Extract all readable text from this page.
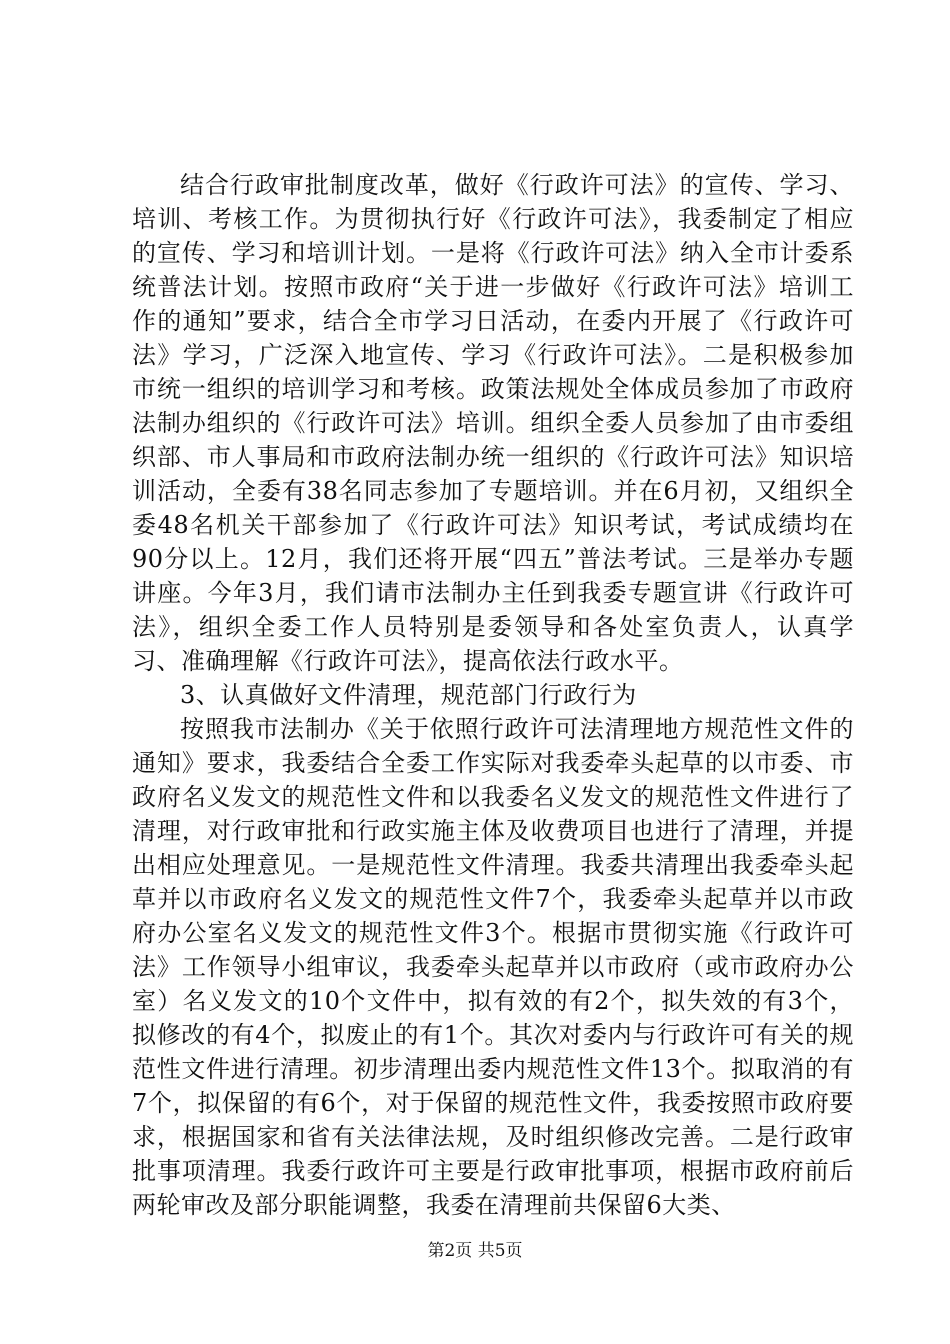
结合行政审批制度改革，做好《行政许可法》的宣传、学习、培训、考核工作。为贯彻执行好《行政许可法》，我委制定了相应的宣传、学习和培训计划。一是将《行政许可法》纳入全市计委系统普法计划。按照市政府“关于进一步做好《行政许可法》培训工作的通知”要求，结合全市学习日活动，在委内开展了《行政许可法》学习，广泛深入地宣传、学习《行政许可法》。二是积极参加市统一组织的培训学习和考核。政策法规处全体成员参加了市政府法制办组织的《行政许可法》培训。组织全委人员参加了由市委组织部、市人事局和市政府法制办统一组织的《行政许可法》知识培训活动，全委有38名同志参加了专题培训。并在6月初，又组织全委48名机关干部参加了《行政许可法》知识考试，考试成绩均在90分以上。12月，我们还将开展“四五”普法考试。三是举办专题讲座。今年3月，我们请市法制办主任到我委专题宣讲《行政许可法》，组织全委工作人员特别是委领导和各处室负责人，认真学习、准确理解《行政许可法》，提高依法行政水平。

3、认真做好文件清理，规范部门行政行为

按照我市法制办《关于依照行政许可法清理地方规范性文件的通知》要求，我委结合全委工作实际对我委牵头起草的以市委、市政府名义发文的规范性文件和以我委名义发文的规范性文件进行了清理，对行政审批和行政实施主体及收费项目也进行了清理，并提出相应处理意见。一是规范性文件清理。我委共清理出我委牵头起草并以市政府名义发文的规范性文件7个，我委牵头起草并以市政府办公室名义发文的规范性文件3个。根据市贯彻实施《行政许可法》工作领导小组审议，我委牵头起草并以市政府（或市政府办公室）名义发文的10个文件中，拟有效的有2个，拟失效的有3个，拟修改的有4个，拟废止的有1个。其次对委内与行政许可有关的规范性文件进行清理。初步清理出委内规范性文件13个。拟取消的有7个，拟保留的有6个，对于保留的规范性文件，我委按照市政府要求，根据国家和省有关法律法规，及时组织修改完善。二是行政审批事项清理。我委行政许可主要是行政审批事项，根据市政府前后两轮审改及部分职能调整，我委在清理前共保留6大类、

第2页 共5页
